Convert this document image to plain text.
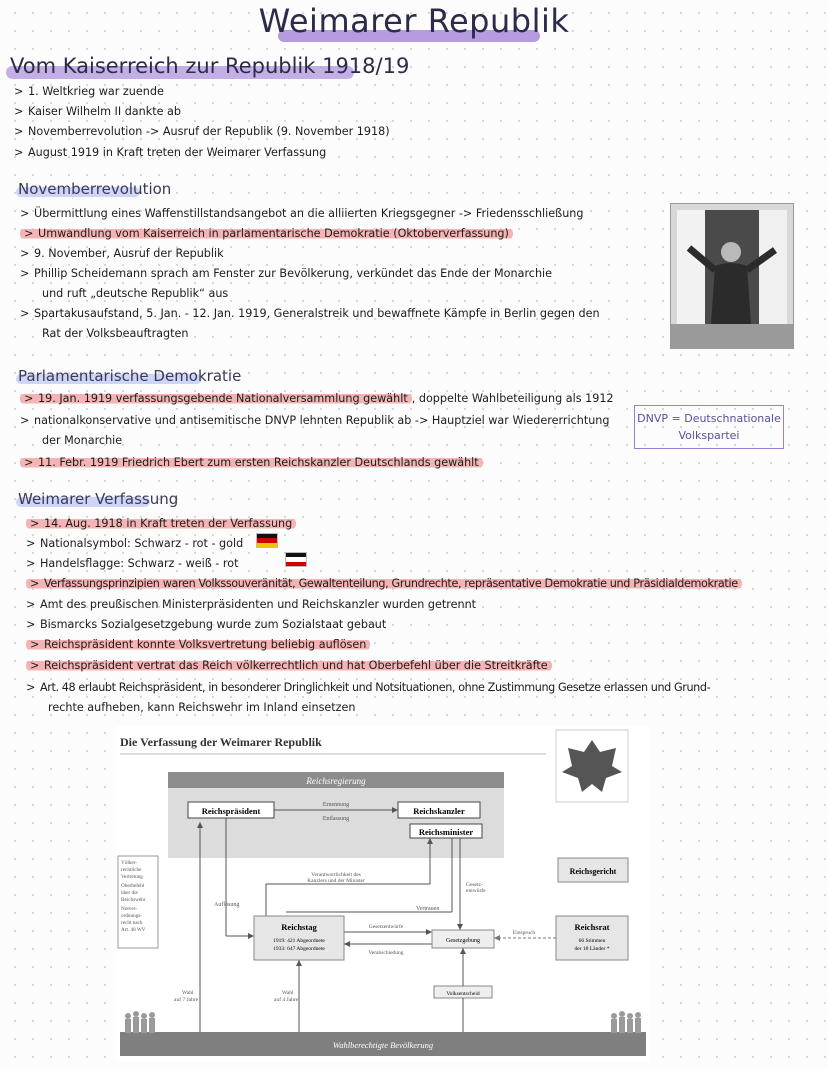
Weimarer Republik
Vom Kaiserreich zur Republik 1918/19
> 1. Weltkrieg war zuende
> Kaiser Wilhelm II dankte ab
> Novemberrevolution -> Ausruf der Republik (9. November 1918)
> August 1919 in Kraft treten der Weimarer Verfassung
Novemberrevolution
> Übermittlung eines Waffenstillstandsangebot an die alliierten Kriegsgegner -> Friedensschließung
> Umwandlung vom Kaiserreich in parlamentarische Demokratie (Oktoberverfassung)
> 9. November, Ausruf der Republik
> Phillip Scheidemann sprach am Fenster zur Bevölkerung, verkündet das Ende der Monarchie
und ruft „deutsche Republik“ aus
> Spartakusaufstand, 5. Jan. - 12. Jan. 1919, Generalstreik und bewaffnete Kämpfe in Berlin gegen den
Rat der Volksbeauftragten
Parlamentarische Demokratie
> 19. Jan. 1919 verfassungsgebende Nationalversammlung gewählt , doppelte Wahlbeteiligung als 1912
> nationalkonservative und antisemitische DNVP lehnten Republik ab -> Hauptziel war Wiedererrichtung
der Monarchie
> 11. Febr. 1919 Friedrich Ebert zum ersten Reichskanzler Deutschlands gewählt
DNVP = Deutschnationale
Volkspartei
Weimarer Verfassung
> 14. Aug. 1918 in Kraft treten der Verfassung
> Nationalsymbol: Schwarz - rot - gold
> Handelsflagge: Schwarz - weiß - rot
> Verfassungsprinzipien waren Volkssouveränität, Gewaltenteilung, Grundrechte, repräsentative Demokratie und Präsidialdemokratie
> Amt des preußischen Ministerpräsidenten und Reichskanzler wurden getrennt
> Bismarcks Sozialgesetzgebung wurde zum Sozialstaat gebaut
> Reichspräsident konnte Volksvertretung beliebig auflösen
> Reichspräsident vertrat das Reich völkerrechtlich und hat Oberbefehl über die Streitkräfte
> Art. 48 erlaubt Reichspräsident, in besonderer Dringlichkeit und Notsituationen, ohne Zustimmung Gesetze erlassen und Grund-
rechte aufheben, kann Reichswehr im Inland einsetzen
Die Verfassung der Weimarer Republik
Reichsregierung
Reichspräsident	Reichskanzler
Reichsminister
Ernennung
Entlassung
Völker-
rechtliche
Vertretung
Oberbefehl
über die
Reichswehr
Notver-
ordnungs-
recht nach
Art. 48 WV
Auflösung
Verantwortlichkeit des
Kanzlers und der Minister
Vertrauen
Gesetz-
entwürfe
Reichstag
1919: 421 Abgeordnete
1933: 647 Abgeordnete
Gesetzentwürfe
Verabschiedung
Gesetzgebung
Einspruch
Reichsgericht
Reichsrat
66 Stimmen
der 18 Länder *
Volksentscheid
Wahl
auf 7 Jahre
Wahl
auf 4 Jahre
Wahlberechtigte Bevölkerung
